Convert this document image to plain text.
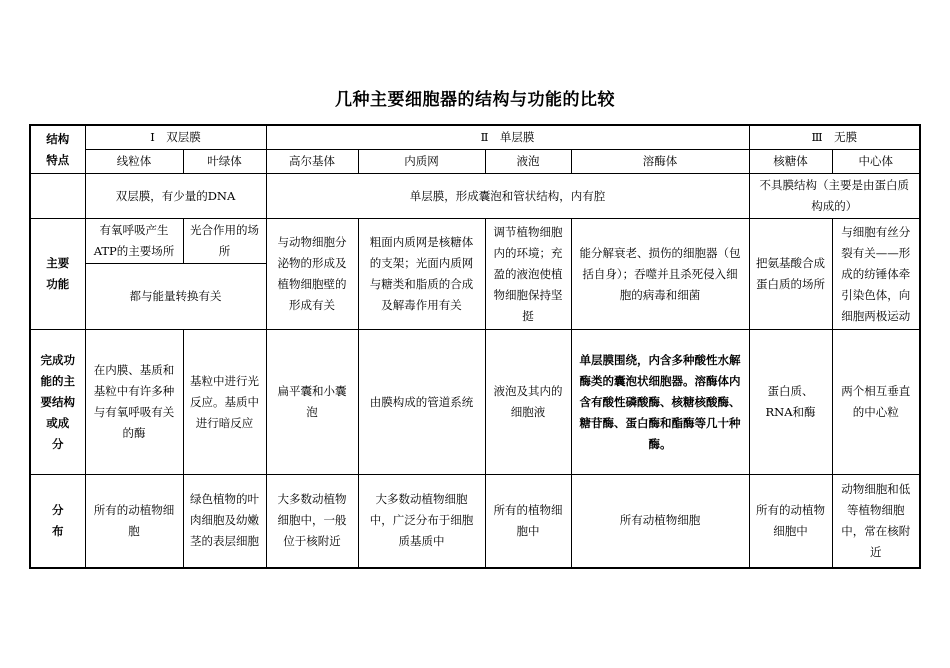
几种主要细胞器的结构与功能的比较
结构
特点	Ⅰ　双层膜		Ⅱ　单层膜				Ⅲ　无膜	
	线粒体	叶绿体	高尔基体	内质网	液泡	溶酶体	核糖体	中心体
	双层膜，有少量的DNA		单层膜，形成囊泡和管状结构，内有腔				不具膜结构（主要是由蛋白质构成的）	
主要
功能	有氧呼吸产生ATP的主要场所	光合作用的场所	与动物细胞分泌物的形成及植物细胞壁的形成有关	粗面内质网是核糖体的支架；光面内质网与糖类和脂质的合成及解毒作用有关	调节植物细胞内的环境；充盈的液泡使植物细胞保持坚挺	能分解衰老、损伤的细胞器（包括自身）；吞噬并且杀死侵入细胞的病毒和细菌	把氨基酸合成蛋白质的场所	与细胞有丝分裂有关——形成的纺锤体牵引染色体，向细胞两极运动
	都与能量转换有关							
完成功
能的主
要结构
或成
分	在内膜、基质和基粒中有许多种与有氧呼吸有关的酶	基粒中进行光反应。基质中进行暗反应	扁平囊和小囊泡	由膜构成的管道系统	液泡及其内的细胞液	单层膜围绕，内含多种酸性水解酶类的囊泡状细胞器。溶酶体内含有酸性磷酸酶、核糖核酸酶、糖苷酶、蛋白酶和酯酶等几十种酶。	蛋白质、RNA和酶	两个相互垂直的中心粒
分
布	所有的动植物细胞	绿色植物的叶肉细胞及幼嫩茎的表层细胞	大多数动植物细胞中，一般位于核附近	大多数动植物细胞中，广泛分布于细胞质基质中	所有的植物细胞中	所有动植物细胞	所有的动植物细胞中	动物细胞和低等植物细胞中，常在核附近
